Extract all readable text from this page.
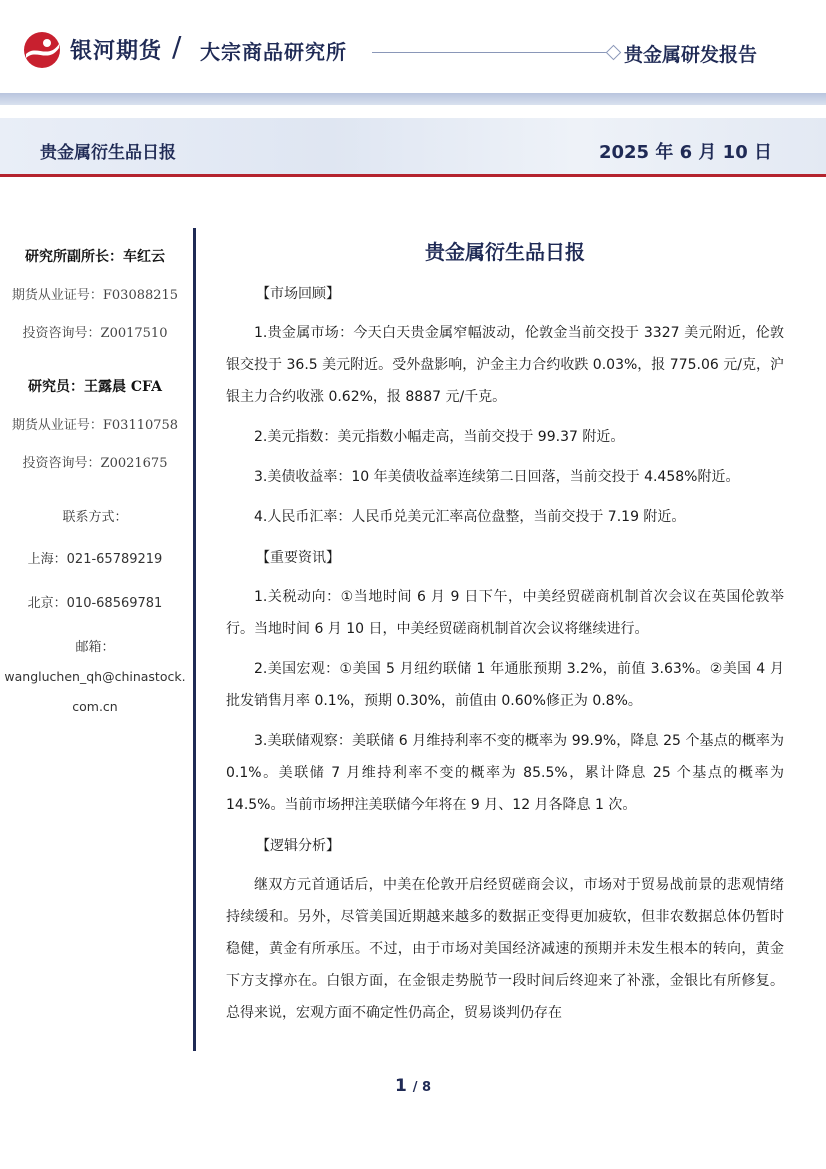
银河期货 / 大宗商品研究所	贵金属研发报告
贵金属衍生品日报	2025 年 6 月 10 日
研究所副所长：车红云
期货从业证号：F03088215
投资咨询号：Z0017510
研究员：王露晨 CFA
期货从业证号：F03110758
投资咨询号：Z0021675
联系方式：
上海：021-65789219
北京：010-68569781
邮箱：
wangluchen_qh@chinastock.com.cn
贵金属衍生品日报
【市场回顾】

1.贵金属市场：今天白天贵金属窄幅波动，伦敦金当前交投于 3327 美元附近，伦敦银交投于 36.5 美元附近。受外盘影响，沪金主力合约收跌 0.03%，报 775.06 元/克，沪银主力合约收涨 0.62%，报 8887 元/千克。

2.美元指数：美元指数小幅走高，当前交投于 99.37 附近。

3.美债收益率：10 年美债收益率连续第二日回落，当前交投于 4.458%附近。

4.人民币汇率：人民币兑美元汇率高位盘整，当前交投于 7.19 附近。

【重要资讯】

1.关税动向：①当地时间 6 月 9 日下午，中美经贸磋商机制首次会议在英国伦敦举行。当地时间 6 月 10 日，中美经贸磋商机制首次会议将继续进行。

2.美国宏观：①美国 5 月纽约联储 1 年通胀预期 3.2%，前值 3.63%。②美国 4 月批发销售月率 0.1%，预期 0.30%，前值由 0.60%修正为 0.8%。

3.美联储观察：美联储 6 月维持利率不变的概率为 99.9%，降息 25 个基点的概率为 0.1%。美联储 7 月维持利率不变的概率为 85.5%，累计降息 25 个基点的概率为 14.5%。当前市场押注美联储今年将在 9 月、12 月各降息 1 次。

【逻辑分析】

继双方元首通话后，中美在伦敦开启经贸磋商会议，市场对于贸易战前景的悲观情绪持续缓和。另外，尽管美国近期越来越多的数据正变得更加疲软，但非农数据总体仍暂时稳健，黄金有所承压。不过，由于市场对美国经济减速的预期并未发生根本的转向，黄金下方支撑亦在。白银方面，在金银走势脱节一段时间后终迎来了补涨，金银比有所修复。总得来说，宏观方面不确定性仍高企，贸易谈判仍存在

1 / 8
